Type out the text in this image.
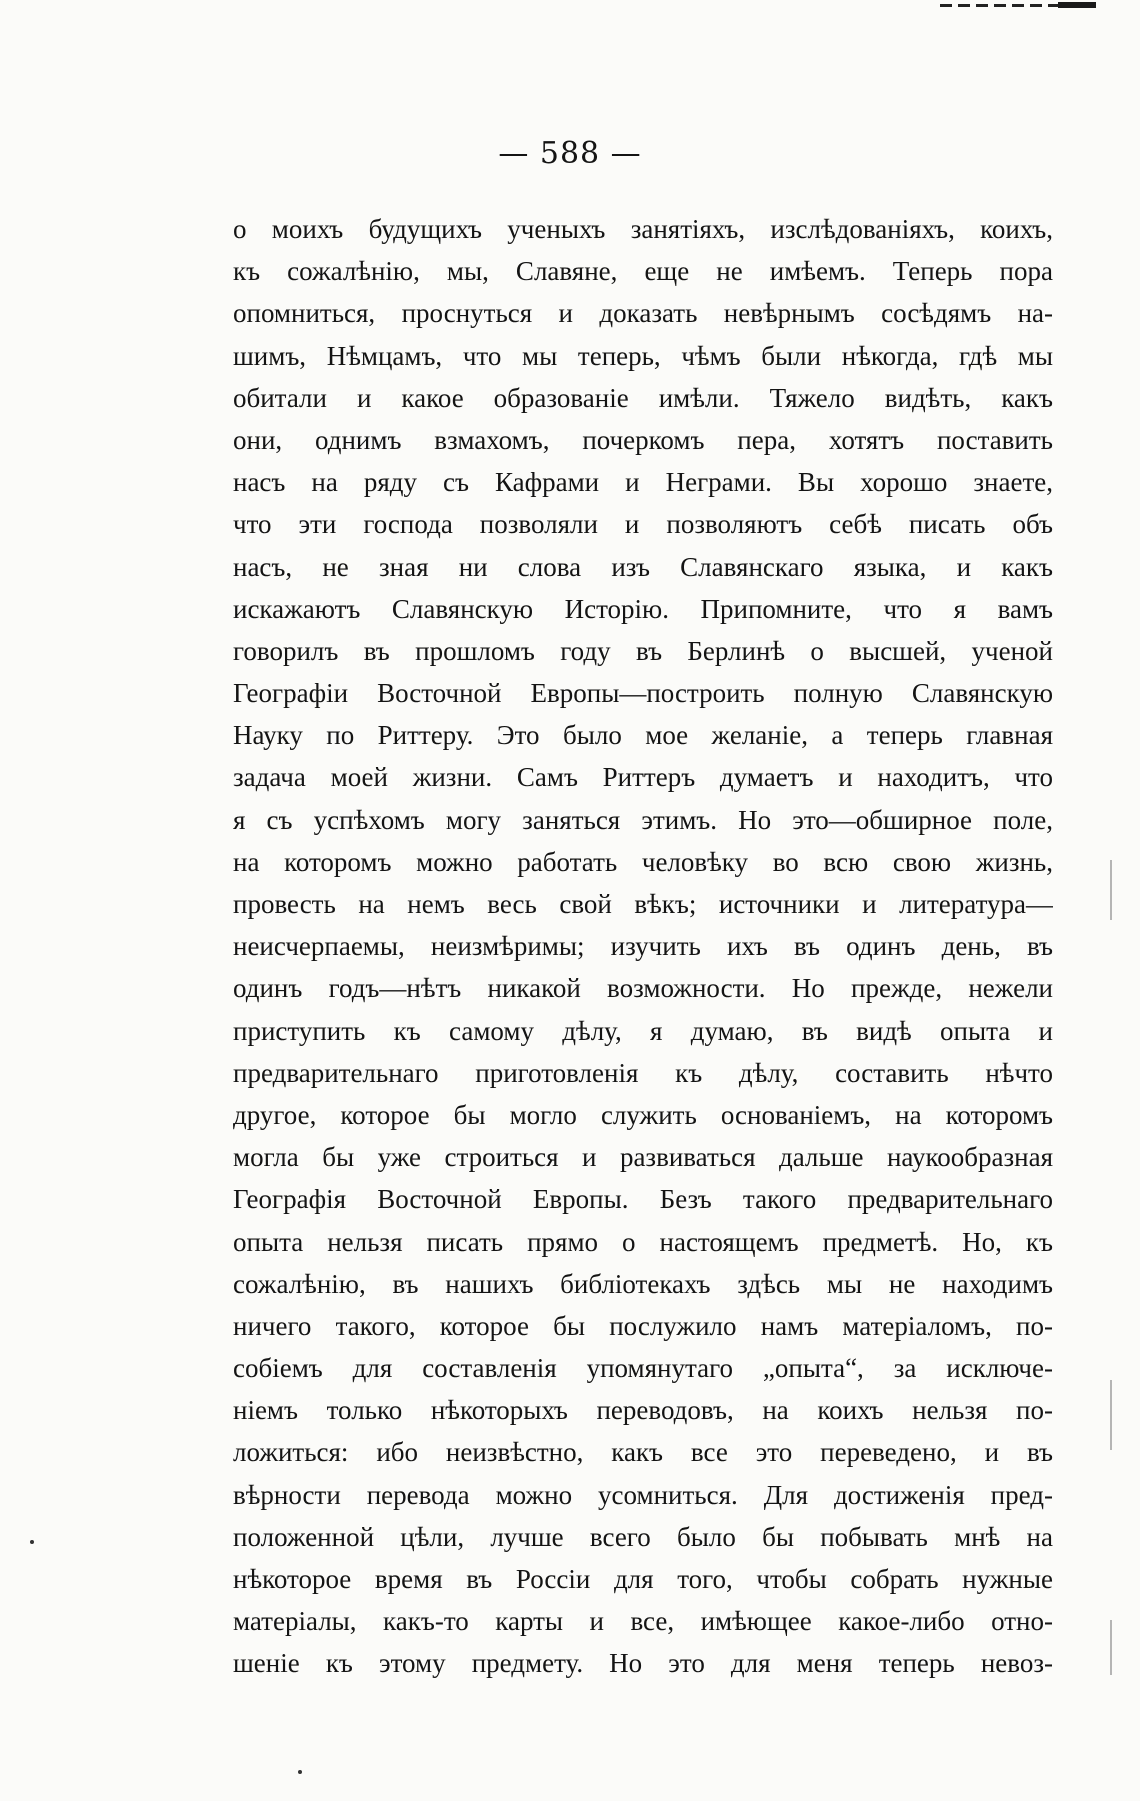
— 588 —
о моихъ будущихъ ученыхъ занятіяхъ, изслѣдованіяхъ, коихъ,
къ сожалѣнію, мы, Славяне, еще не имѣемъ. Теперь пора
опомниться, проснуться и доказать невѣрнымъ сосѣдямъ на-
шимъ, Нѣмцамъ, что мы теперь, чѣмъ были нѣкогда, гдѣ мы
обитали и какое образованіе имѣли. Тяжело видѣть, какъ
они, однимъ взмахомъ, почеркомъ пера, хотятъ поставить
насъ на ряду съ Кафрами и Неграми. Вы хорошо знаете,
что эти господа позволяли и позволяютъ себѣ писать объ
насъ, не зная ни слова изъ Славянскаго языка, и какъ
искажаютъ Славянскую Исторію. Припомните, что я вамъ
говорилъ въ прошломъ году въ Берлинѣ о высшей, ученой
Географіи Восточной Европы—построить полную Славянскую
Науку по Риттеру. Это было мое желаніе, а теперь главная
задача моей жизни. Самъ Риттеръ думаетъ и находитъ, что
я съ успѣхомъ могу заняться этимъ. Но это—обширное поле,
на которомъ можно работать человѣку во всю свою жизнь,
провесть на немъ весь свой вѣкъ; источники и литература—
неисчерпаемы, неизмѣримы; изучить ихъ въ одинъ день, въ
одинъ годъ—нѣтъ никакой возможности. Но прежде, нежели
приступить къ самому дѣлу, я думаю, въ видѣ опыта и
предварительнаго приготовленія къ дѣлу, составить нѣчто
другое, которое бы могло служить основаніемъ, на которомъ
могла бы уже строиться и развиваться дальше наукообразная
Географія Восточной Европы. Безъ такого предварительнаго
опыта нельзя писать прямо о настоящемъ предметѣ. Но, къ
сожалѣнію, въ нашихъ библіотекахъ здѣсь мы не находимъ
ничего такого, которое бы послужило намъ матеріаломъ, по-
собіемъ для составленія упомянутаго „опыта“, за исключе-
ніемъ только нѣкоторыхъ переводовъ, на коихъ нельзя по-
ложиться: ибо неизвѣстно, какъ все это переведено, и въ
вѣрности перевода можно усомниться. Для достиженія пред-
положенной цѣли, лучше всего было бы побывать мнѣ на
нѣкоторое время въ Россіи для того, чтобы собрать нужные
матеріалы, какъ-то карты и все, имѣющее какое-либо отно-
шеніе къ этому предмету. Но это для меня теперь невоз-
